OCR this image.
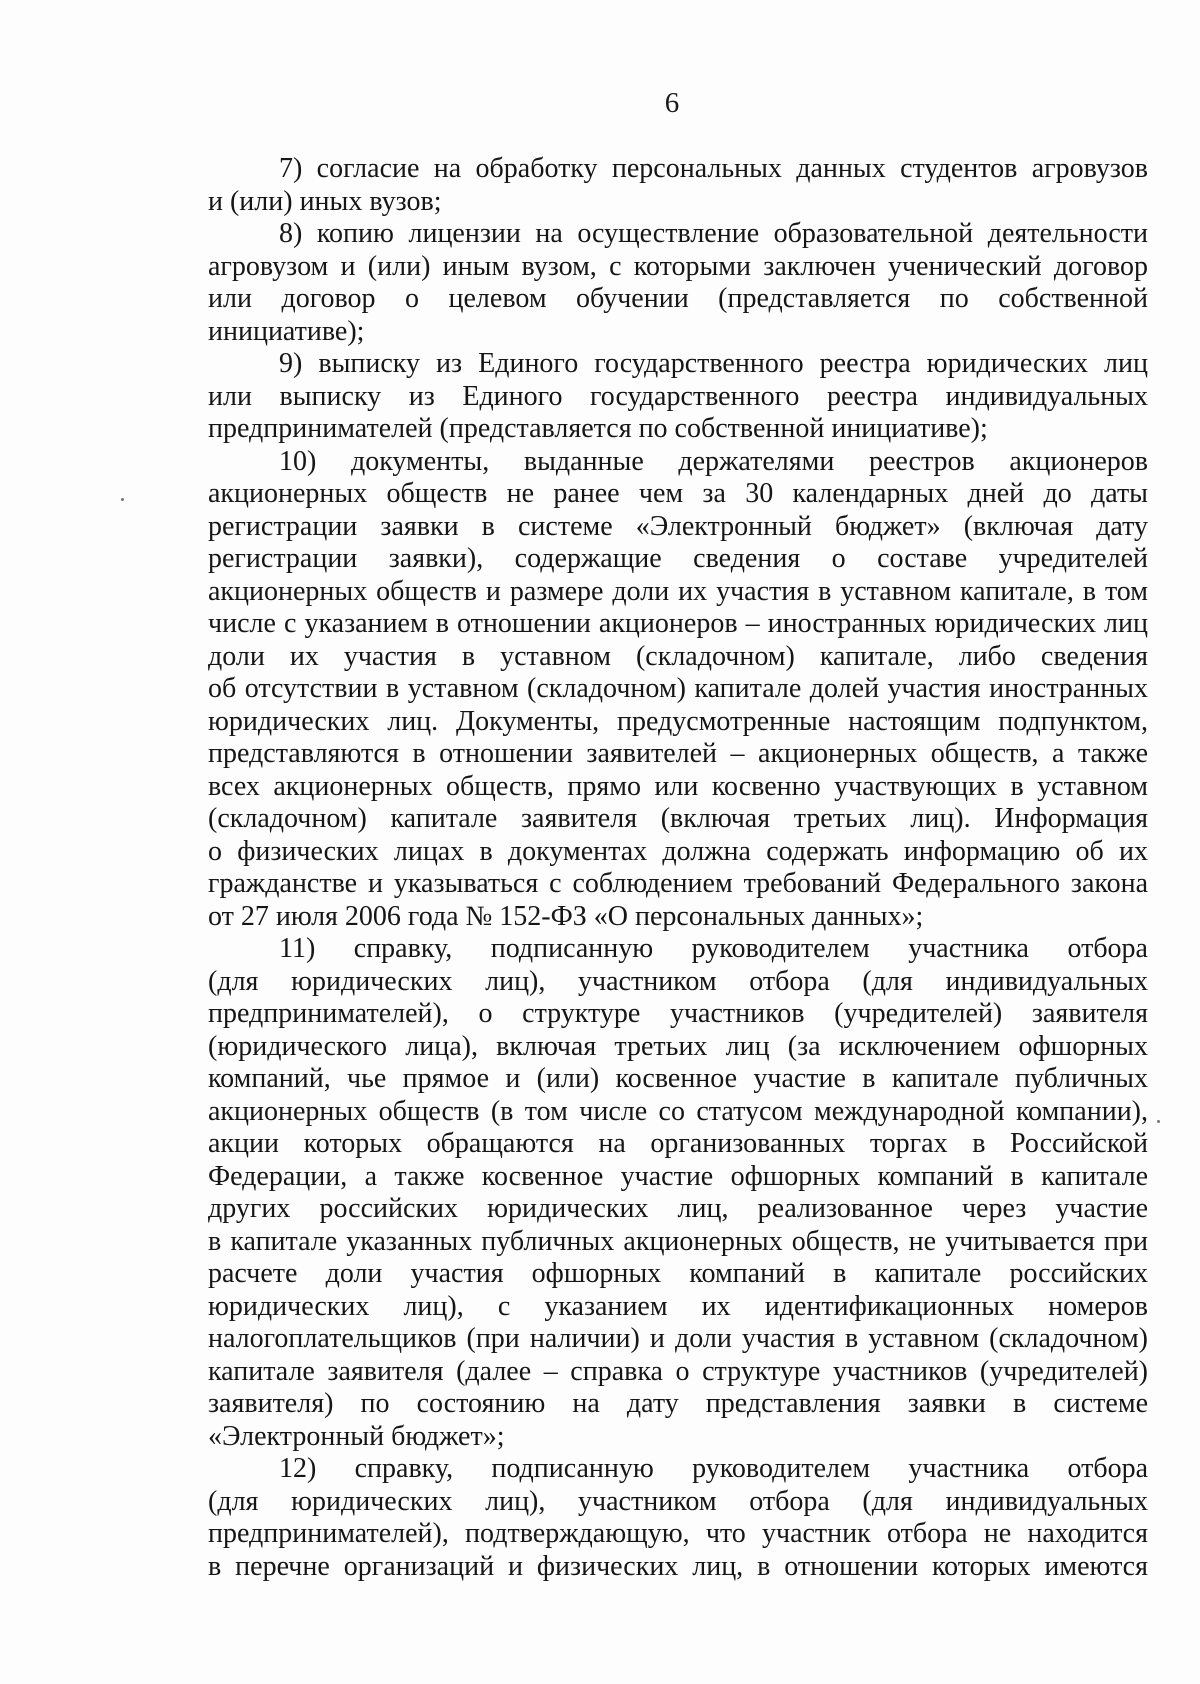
6
7) согласие на обработку персональных данных студентов агровузов
и (или) иных вузов;
8) копию лицензии на осуществление образовательной деятельности
агровузом и (или) иным вузом, с которыми заключен ученический договор
или договор о целевом обучении (представляется по собственной
инициативе);
9) выписку из Единого государственного реестра юридических лиц
или выписку из Единого государственного реестра индивидуальных
предпринимателей (представляется по собственной инициативе);
10) документы, выданные держателями реестров акционеров
акционерных обществ не ранее чем за 30 календарных дней до даты
регистрации заявки в системе «Электронный бюджет» (включая дату
регистрации заявки), содержащие сведения о составе учредителей
акционерных обществ и размере доли их участия в уставном капитале, в том
числе с указанием в отношении акционеров – иностранных юридических лиц
доли их участия в уставном (складочном) капитале, либо сведения
об отсутствии в уставном (складочном) капитале долей участия иностранных
юридических лиц. Документы, предусмотренные настоящим подпунктом,
представляются в отношении заявителей – акционерных обществ, а также
всех акционерных обществ, прямо или косвенно участвующих в уставном
(складочном) капитале заявителя (включая третьих лиц). Информация
о физических лицах в документах должна содержать информацию об их
гражданстве и указываться с соблюдением требований Федерального закона
от 27 июля 2006 года № 152-ФЗ «О персональных данных»;
11) справку, подписанную руководителем участника отбора
(для юридических лиц), участником отбора (для индивидуальных
предпринимателей), о структуре участников (учредителей) заявителя
(юридического лица), включая третьих лиц (за исключением офшорных
компаний, чье прямое и (или) косвенное участие в капитале публичных
акционерных обществ (в том числе со статусом международной компании),
акции которых обращаются на организованных торгах в Российской
Федерации, а также косвенное участие офшорных компаний в капитале
других российских юридических лиц, реализованное через участие
в капитале указанных публичных акционерных обществ, не учитывается при
расчете доли участия офшорных компаний в капитале российских
юридических лиц), с указанием их идентификационных номеров
налогоплательщиков (при наличии) и доли участия в уставном (складочном)
капитале заявителя (далее – справка о структуре участников (учредителей)
заявителя) по состоянию на дату представления заявки в системе
«Электронный бюджет»;
12) справку, подписанную руководителем участника отбора
(для юридических лиц), участником отбора (для индивидуальных
предпринимателей), подтверждающую, что участник отбора не находится
в перечне организаций и физических лиц, в отношении которых имеются
